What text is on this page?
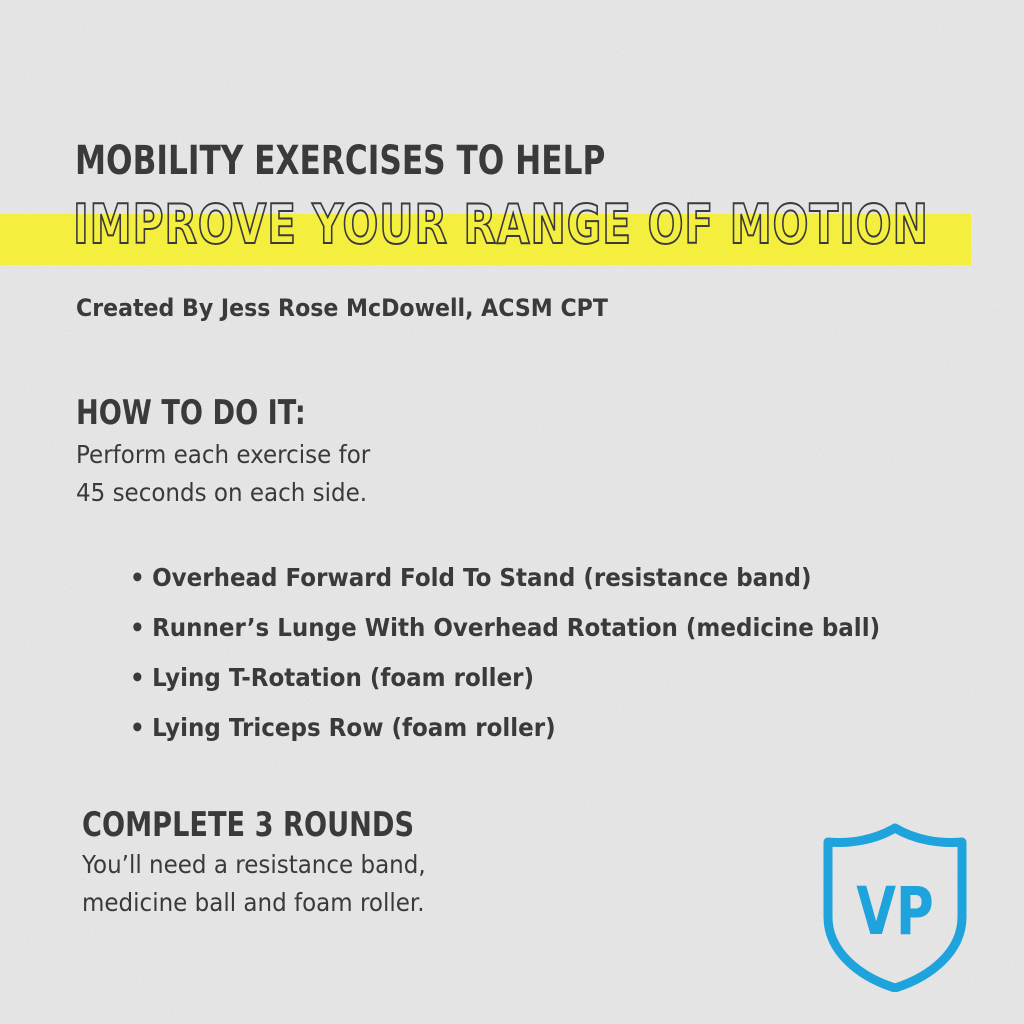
MOBILITY EXERCISES TO HELP
IMPROVE YOUR RANGE OF MOTION
Created By Jess Rose McDowell, ACSM CPT
HOW TO DO IT:
Perform each exercise for
45 seconds on each side.
• Overhead Forward Fold To Stand (resistance band)
• Runner’s Lunge With Overhead Rotation (medicine ball)
• Lying T-Rotation (foam roller)
• Lying Triceps Row (foam roller)
COMPLETE 3 ROUNDS
You’ll need a resistance band,
medicine ball and foam roller.	VP
